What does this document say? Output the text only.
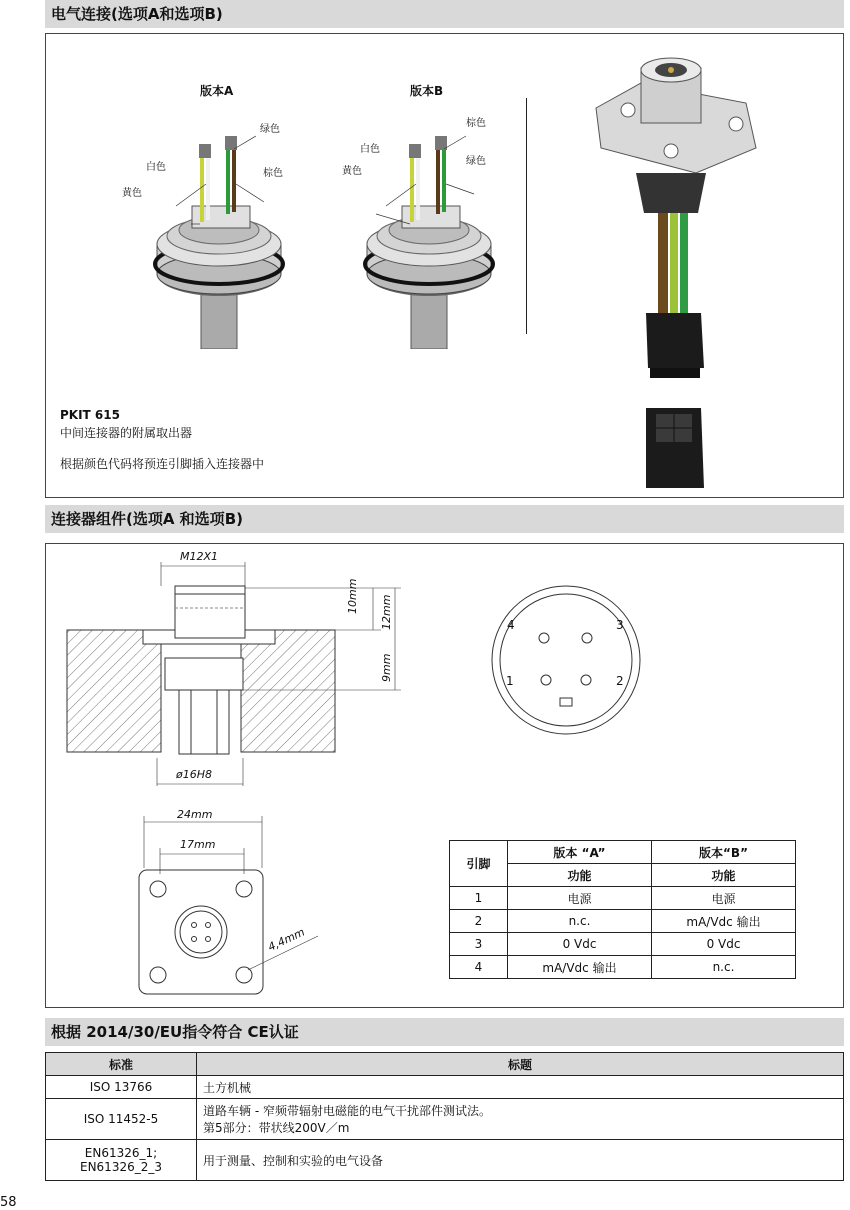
电气连接(选项A和选项B)
版本A	版本B
绿色
白色
棕色
黄色
棕色
白色
黄色
绿色
PKIT 615
中间连接器的附属取出器
根据颜色代码将预连引脚插入连接器中
连接器组件(选项A 和选项B)
M12X1
10mm 12mm
9mm
ø16H8
4	3
1	2
24mm
17mm
4,4mm
引脚	版本 “A”	版本“B”
	功能	功能
1	电源	电源
2	n.c.	mA/Vdc 输出
3	0 Vdc	0 Vdc
4	mA/Vdc 输出	n.c.
根据 2014/30/EU指令符合 CE认证
标准	标题
ISO 13766	土方机械
ISO 11452-5	道路车辆 - 窄频带辐射电磁能的电气干扰部件测试法。
第5部分：带状线200V／m

EN61326_1;
EN61326_2_3	用于测量、控制和实验的电气设备
58
